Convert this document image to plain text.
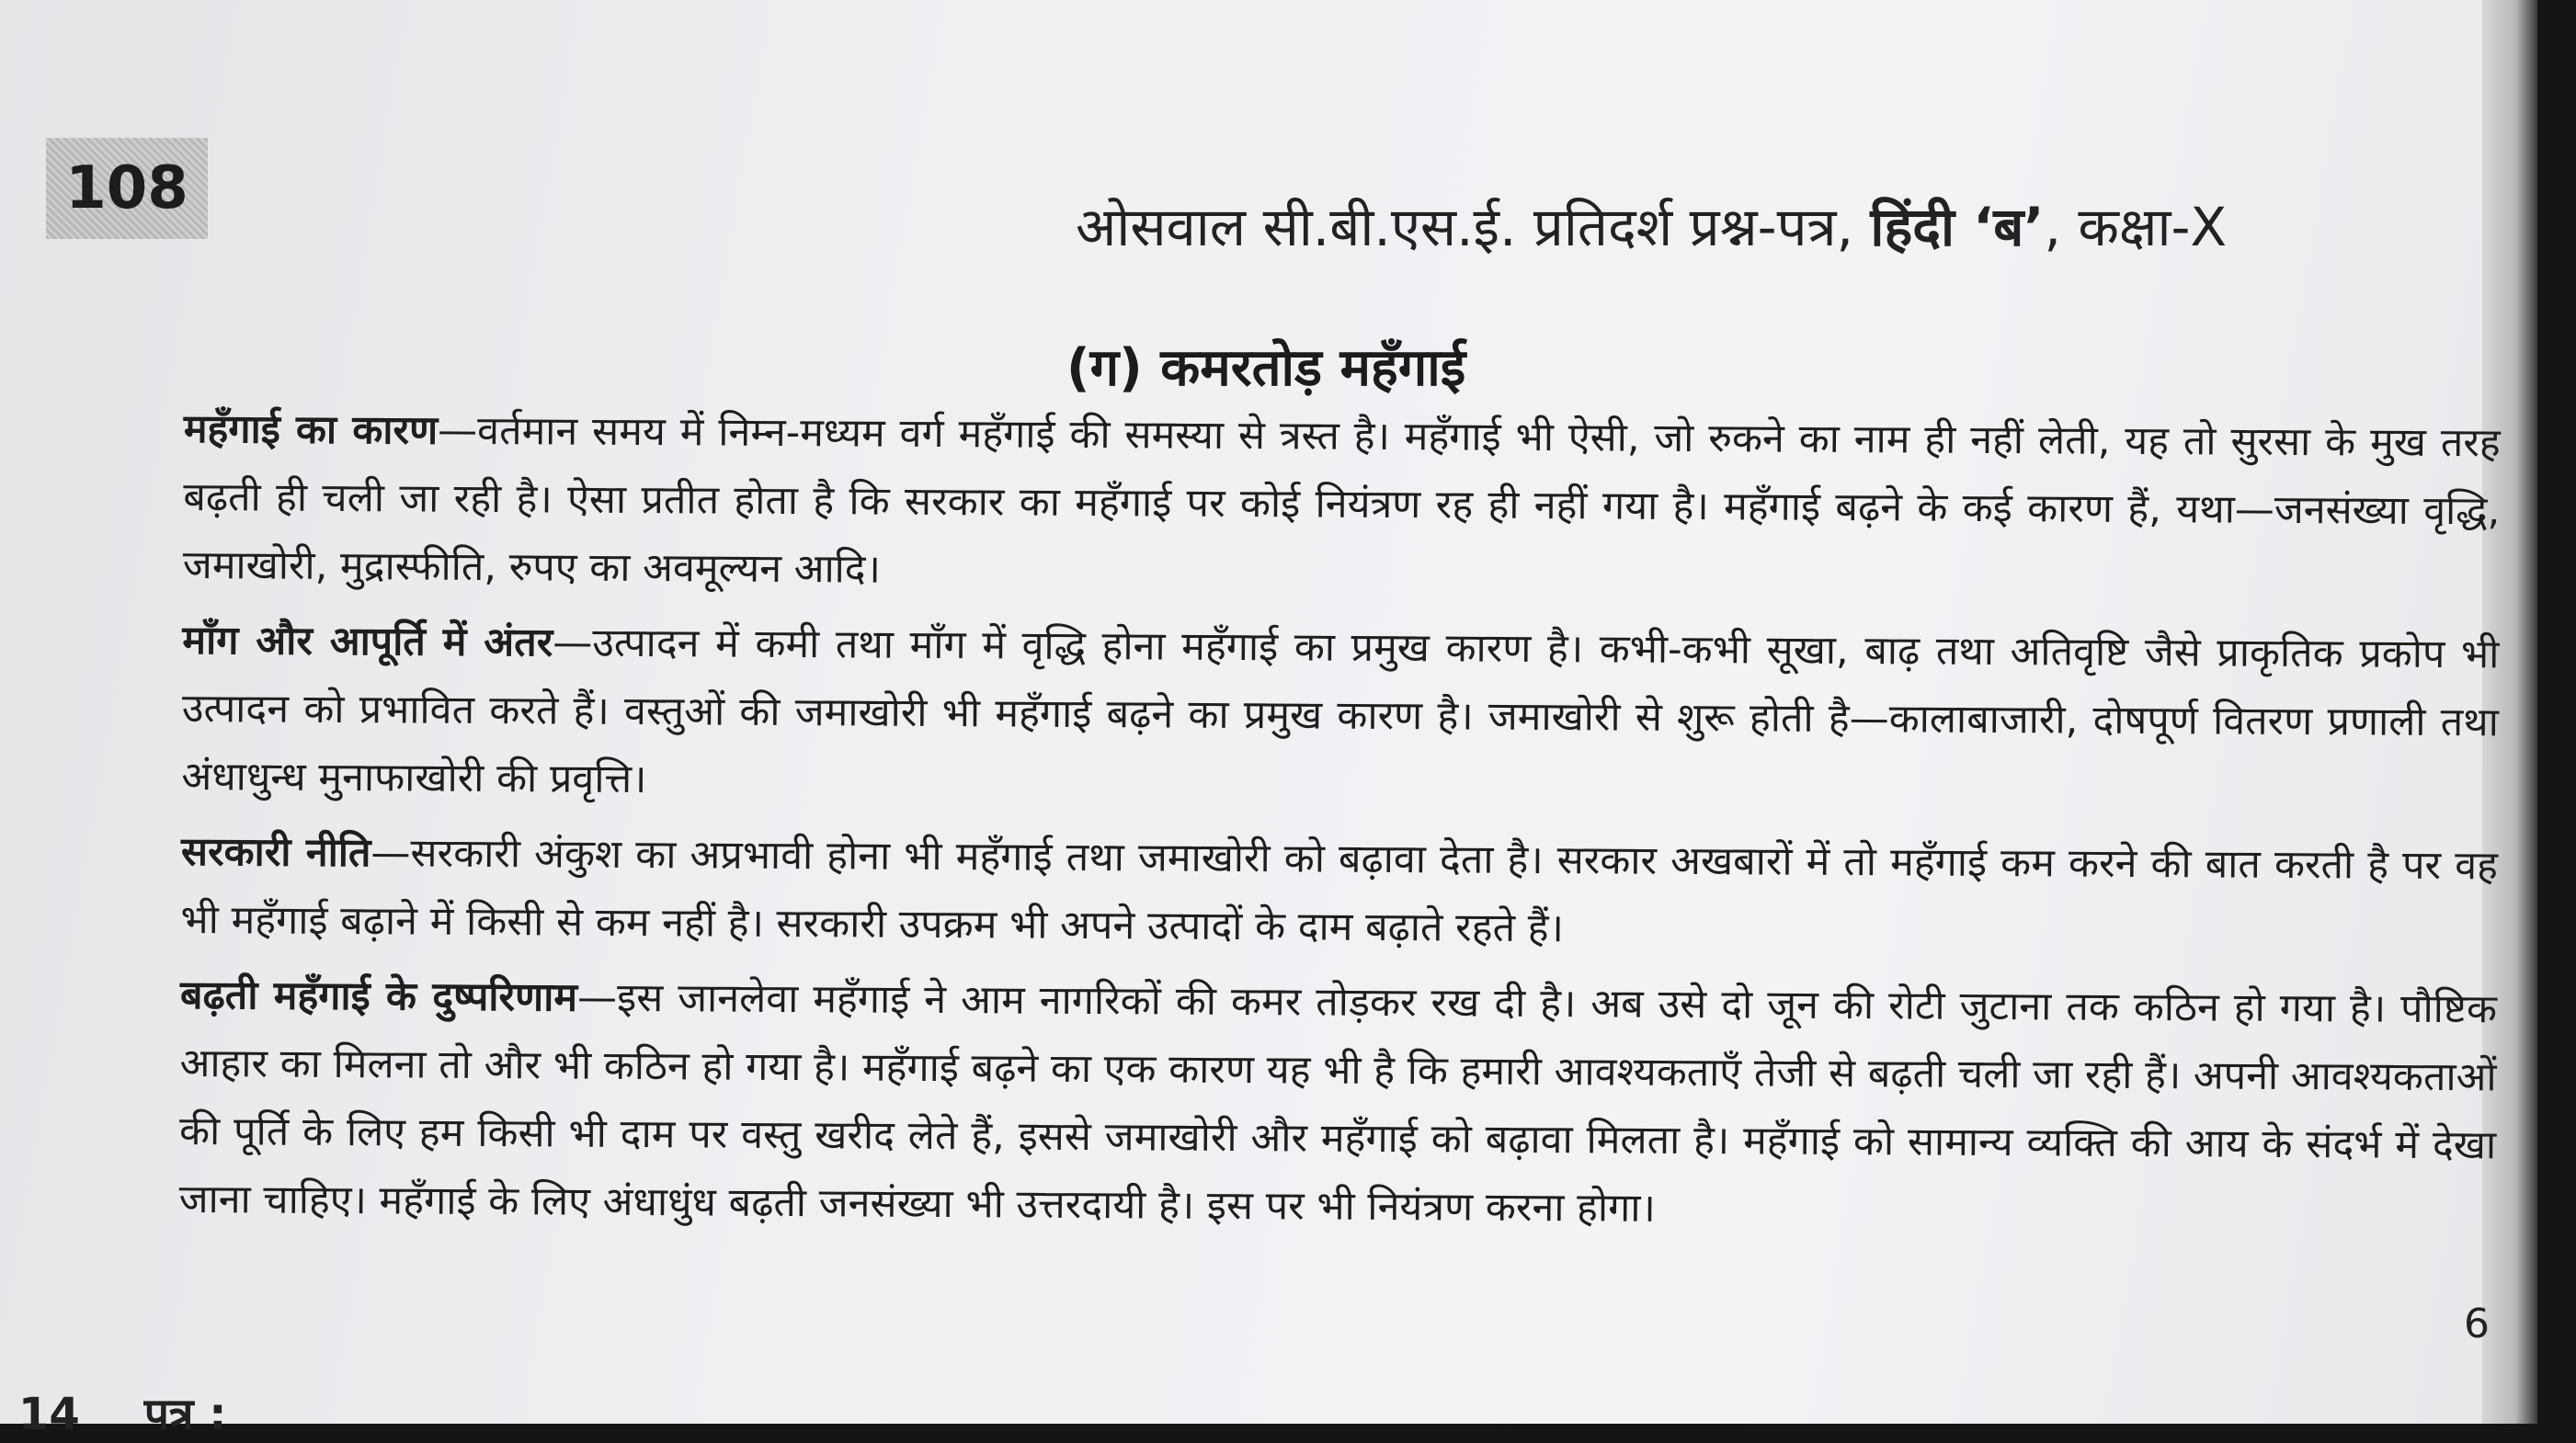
108
ओसवाल सी.बी.एस.ई. प्रतिदर्श प्रश्न-पत्र, हिंदी ‘ब’, कक्षा-X
(ग) कमरतोड़ महँगाई

महँगाई का कारण—वर्तमान समय में निम्न-मध्यम वर्ग महँगाई की समस्या से त्रस्त है। महँगाई भी ऐसी, जो रुकने का नाम ही नहीं लेती, यह तो सुरसा के मुख तरह बढ़ती ही चली जा रही है। ऐसा प्रतीत होता है कि सरकार का महँगाई पर कोई नियंत्रण रह ही नहीं गया है। महँगाई बढ़ने के कई कारण हैं, यथा—जनसंख्या वृद्धि, जमाखोरी, मुद्रास्फीति, रुपए का अवमूल्यन आदि।

माँग और आपूर्ति में अंतर—उत्पादन में कमी तथा माँग में वृद्धि होना महँगाई का प्रमुख कारण है। कभी-कभी सूखा, बाढ़ तथा अतिवृष्टि जैसे प्राकृतिक प्रकोप भी उत्पादन को प्रभावित करते हैं। वस्तुओं की जमाखोरी भी महँगाई बढ़ने का प्रमुख कारण है। जमाखोरी से शुरू होती है—कालाबाजारी, दोषपूर्ण वितरण प्रणाली तथा अंधाधुन्ध मुनाफाखोरी की प्रवृत्ति।

सरकारी नीति—सरकारी अंकुश का अप्रभावी होना भी महँगाई तथा जमाखोरी को बढ़ावा देता है। सरकार अखबारों में तो महँगाई कम करने की बात करती है पर वह भी महँगाई बढ़ाने में किसी से कम नहीं है। सरकारी उपक्रम भी अपने उत्पादों के दाम बढ़ाते रहते हैं।

बढ़ती महँगाई के दुष्परिणाम—इस जानलेवा महँगाई ने आम नागरिकों की कमर तोड़कर रख दी है। अब उसे दो जून की रोटी जुटाना तक कठिन हो गया है। पौष्टिक आहार का मिलना तो और भी कठिन हो गया है। महँगाई बढ़ने का एक कारण यह भी है कि हमारी आवश्यकताएँ तेजी से बढ़ती चली जा रही हैं। अपनी आवश्यकताओं की पूर्ति के लिए हम किसी भी दाम पर वस्तु खरीद लेते हैं, इससे जमाखोरी और महँगाई को बढ़ावा मिलता है। महँगाई को सामान्य व्यक्ति की आय के संदर्भ में देखा जाना चाहिए। महँगाई के लिए अंधाधुंध बढ़ती जनसंख्या भी उत्तरदायी है। इस पर भी नियंत्रण करना होगा।

6
14 पत्र :
